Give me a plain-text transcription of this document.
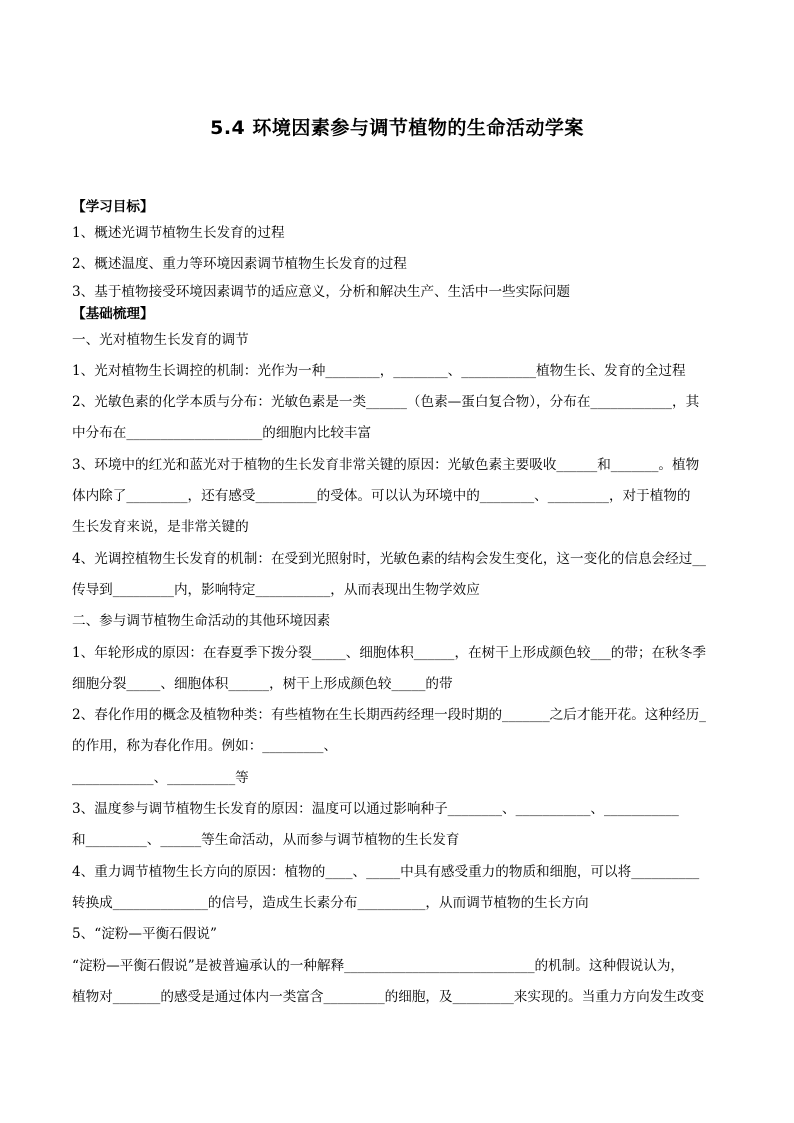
5.4 环境因素参与调节植物的生命活动学案
【学习目标】
1、概述光调节植物生长发育的过程
2、概述温度、重力等环境因素调节植物生长发育的过程
3、基于植物接受环境因素调节的适应意义，分析和解决生产、生活中一些实际问题
【基础梳理】
一、光对植物生长发育的调节
1、光对植物生长调控的机制：光作为一种________，________、___________植物生长、发育的全过程
2、光敏色素的化学本质与分布：光敏色素是一类______（色素—蛋白复合物），分布在____________，其
中分布在____________________的细胞内比较丰富
3、环境中的红光和蓝光对于植物的生长发育非常关键的原因：光敏色素主要吸收______和_______。植物
体内除了_________，还有感受_________的受体。可以认为环境中的________、_________，对于植物的
生长发育来说，是非常关键的
4、光调控植物生长发育的机制：在受到光照射时，光敏色素的结构会发生变化，这一变化的信息会经过__
传导到_________内，影响特定___________，从而表现出生物学效应
二、参与调节植物生命活动的其他环境因素
1、年轮形成的原因：在春夏季下拨分裂_____、细胞体积______，在树干上形成颜色较___的带；在秋冬季
细胞分裂_____、细胞体积______，树干上形成颜色较_____的带
2、春化作用的概念及植物种类：有些植物在生长期西药经理一段时期的_______之后才能开花。这种经历_
的作用，称为春化作用。例如：_________、
____________、__________等
3、温度参与调节植物生长发育的原因：温度可以通过影响种子________、___________、___________
和_________、______等生命活动，从而参与调节植物的生长发育
4、重力调节植物生长方向的原因：植物的____、_____中具有感受重力的物质和细胞，可以将__________
转换成______________的信号，造成生长素分布__________，从而调节植物的生长方向
5、“淀粉—平衡石假说”
“淀粉—平衡石假说”是被普遍承认的一种解释____________________________的机制。这种假说认为，
植物对_______的感受是通过体内一类富含_________的细胞，及_________来实现的。当重力方向发生改变
